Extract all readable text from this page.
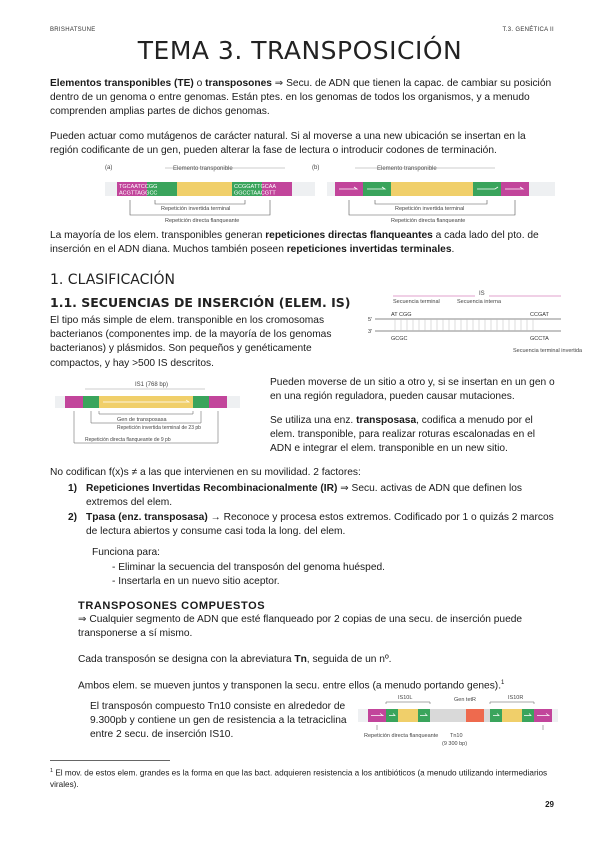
BRISHATSUNE	T.3. GENÉTICA II
TEMA 3. TRANSPOSICIÓN

Elementos transponibles (TE) o transposones ⇒ Secu. de ADN que tienen la capac. de cambiar su posición dentro de un genoma o entre genomas. Están ptes. en los genomas de todos los organismos, y a menudo comprenden amplias partes de dichos genomas.

Pueden actuar como mutágenos de carácter natural. Si al moverse a una new ubicación se insertan en la región codificante de un gen, pueden alterar la fase de lectura o introducir codones de terminación.

(a)	(b)
Elemento transponible	Elemento transponible
TGCAATCCGG
ACGTTAGGCC
CCGGATTGCAA
GGCCTAACGTT
Repetición invertida terminal
Repetición directa flanqueante
Repetición invertida terminal
Repetición directa flanqueante

La mayoría de los elem. transponibles generan repeticiones directas flanqueantes a cada lado del pto. de inserción en el ADN diana. Muchos también poseen repeticiones invertidas terminales.

1. CLASIFICACIÓN
1.1. SECUENCIAS DE INSERCIÓN (ELEM. IS)

El tipo más simple de elem. transponible en los cromosomas bacterianos (componentes imp. de la mayoría de los genomas bacterianos) y plásmidos. Son pequeños y genéticamente compactos, y hay >500 IS descritos.

IS
Secuencia terminal	Secuencia interna
5'
3'
AT CGG	CCGAT
GCGC	GCCTA
Secuencia terminal invertida
IS1 (768 bp)
Gen de transposasa
Repetición invertida terminal de 23 pb
Repetición directa flanqueante de 9 pb

Pueden moverse de un sitio a otro y, si se insertan en un gen o en una región reguladora, pueden causar mutaciones.

Se utiliza una enz. transposasa, codifica a menudo por el elem. transponible, para realizar roturas escalonadas en el ADN e integrar el elem. transponible en un new sitio.

No codifican f(x)s ≠ a las que intervienen en su movilidad. 2 factores:

1) Repeticiones Invertidas Recombinacionalmente (IR) ⇒ Secu. activas de ADN que definen los extremos del elem.
2) Tpasa (enz. transposasa) → Reconoce y procesa estos extremos. Codificado por 1 o quizás 2 marcos de lectura abiertos y consume casi toda la long. del elem.
Funciona para:
- Eliminar la secuencia del transposón del genoma huésped.
- Insertarla en un nuevo sitio aceptor.
TRANSPOSONES COMPUESTOS

⇒ Cualquier segmento de ADN que esté flanqueado por 2 copias de una secu. de inserción puede transponerse a sí mismo.

Cada transposón se designa con la abreviatura Tn, seguida de un nº.

Ambos elem. se mueven juntos y transponen la secu. entre ellos (a menudo portando genes).$^1$

El transposón compuesto Tn10 consiste en alrededor de 9.300pb y contiene un gen de resistencia a la tetraciclina entre 2 secu. de inserción IS10.

IS10L	Gen tetR	IS10R
Repetición directa flanqueante Tn10
(9 300 bp)

$^1$ El mov. de estos elem. grandes es la forma en que las bact. adquieren resistencia a los antibióticos (a menudo utilizando intermediarios virales).

29
